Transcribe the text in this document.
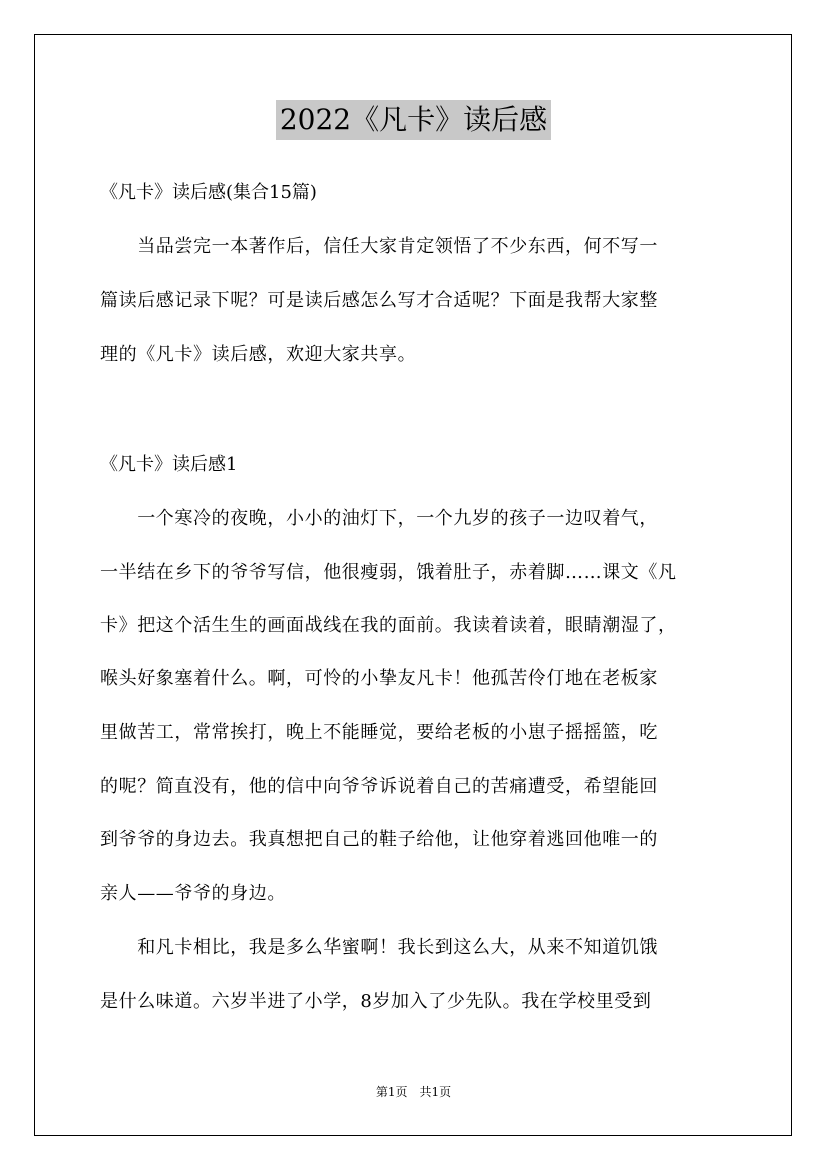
2022《凡卡》读后感
《凡卡》读后感(集合15篇)
　　当品尝完一本著作后，信任大家肯定领悟了不少东西，何不写一
篇读后感记录下呢？可是读后感怎么写才合适呢？下面是我帮大家整
理的《凡卡》读后感，欢迎大家共享。
《凡卡》读后感1
　　一个寒冷的夜晚，小小的油灯下，一个九岁的孩子一边叹着气，
一半结在乡下的爷爷写信，他很瘦弱，饿着肚子，赤着脚……课文《凡
卡》把这个活生生的画面战线在我的面前。我读着读着，眼睛潮湿了，
喉头好象塞着什么。啊，可怜的小挚友凡卡！他孤苦伶仃地在老板家
里做苦工，常常挨打，晚上不能睡觉，要给老板的小崽子摇摇篮，吃
的呢？简直没有，他的信中向爷爷诉说着自己的苦痛遭受，希望能回
到爷爷的身边去。我真想把自己的鞋子给他，让他穿着逃回他唯一的
亲人——爷爷的身边。
　　和凡卡相比，我是多么华蜜啊！我长到这么大，从来不知道饥饿
是什么味道。六岁半进了小学，8岁加入了少先队。我在学校里受到
第1页　共1页
